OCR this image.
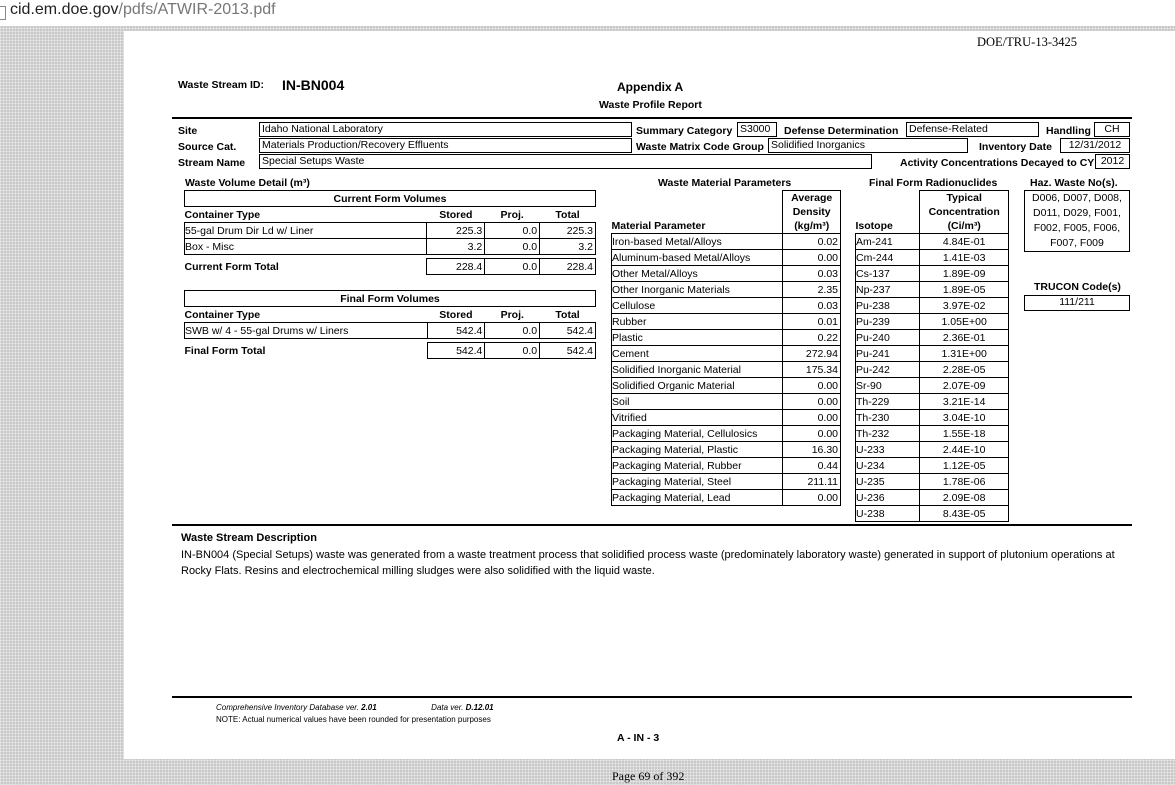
cid.em.doe.gov/pdfs/ATWIR-2013.pdf
DOE/TRU-13-3425
Waste Stream ID: IN-BN004	Appendix A
Waste Profile Report
Site	Idaho National Laboratory	Summary Category S3000	Defense Determination Defense-Related	Handling	CH
Source Cat. Materials Production/Recovery Effluents	Waste Matrix Code Group Solidified Inorganics	Inventory Date	12/31/2012
Stream Name Special Setups Waste	Activity Concentrations Decayed to CY 2012
Waste Volume Detail (m³)
Current Form Volumes			
Container Type	Stored	Proj.	Total
55-gal Drum Dir Ld w/ Liner	225.3	0.0	225.3
Box - Misc	3.2	0.0	3.2

Current Form Total	228.4	0.0	228.4
Final Form Volumes			
Container Type	Stored	Proj.	Total
SWB w/ 4 - 55-gal Drums w/ Liners	542.4	0.0	542.4

Final Form Total	542.4	0.0	542.4
Waste Material Parameters
Material Parameter	Average
	Density
	(kg/m³)
Iron-based Metal/Alloys	0.02
Aluminum-based Metal/Alloys	0.00
Other Metal/Alloys	0.03
Other Inorganic Materials	2.35
Cellulose	0.03
Rubber	0.01
Plastic	0.22
Cement	272.94
Solidified Inorganic Material	175.34
Solidified Organic Material	0.00
Soil	0.00
Vitrified	0.00
Packaging Material, Cellulosics	0.00
Packaging Material, Plastic	16.30
Packaging Material, Rubber	0.44
Packaging Material, Steel	211.11
Packaging Material, Lead	0.00
Final Form Radionuclides
Isotope	Typical
	Concentration
	(Ci/m³)
Am-241	4.84E-01
Cm-244	1.41E-03
Cs-137	1.89E-09
Np-237	1.89E-05
Pu-238	3.97E-02
Pu-239	1.05E+00
Pu-240	2.36E-01
Pu-241	1.31E+00
Pu-242	2.28E-05
Sr-90	2.07E-09
Th-229	3.21E-14
Th-230	3.04E-10
Th-232	1.55E-18
U-233	2.44E-10
U-234	1.12E-05
U-235	1.78E-06
U-236	2.09E-08
U-238	8.43E-05
Haz. Waste No(s).
D006, D007, D008,
D011, D029, F001,
F002, F005, F006,
F007, F009
TRUCON Code(s)
111/211
Waste Stream Description
IN-BN004 (Special Setups) waste was generated from a waste treatment process that solidified process waste (predominately laboratory waste) generated in support of plutonium operations at Rocky Flats. Resins and electrochemical milling sludges were also solidified with the liquid waste.
Comprehensive Inventory Database ver. 2.01	Data ver. D.12.01
NOTE: Actual numerical values have been rounded for presentation purposes
A - IN - 3
Page 69 of 392
